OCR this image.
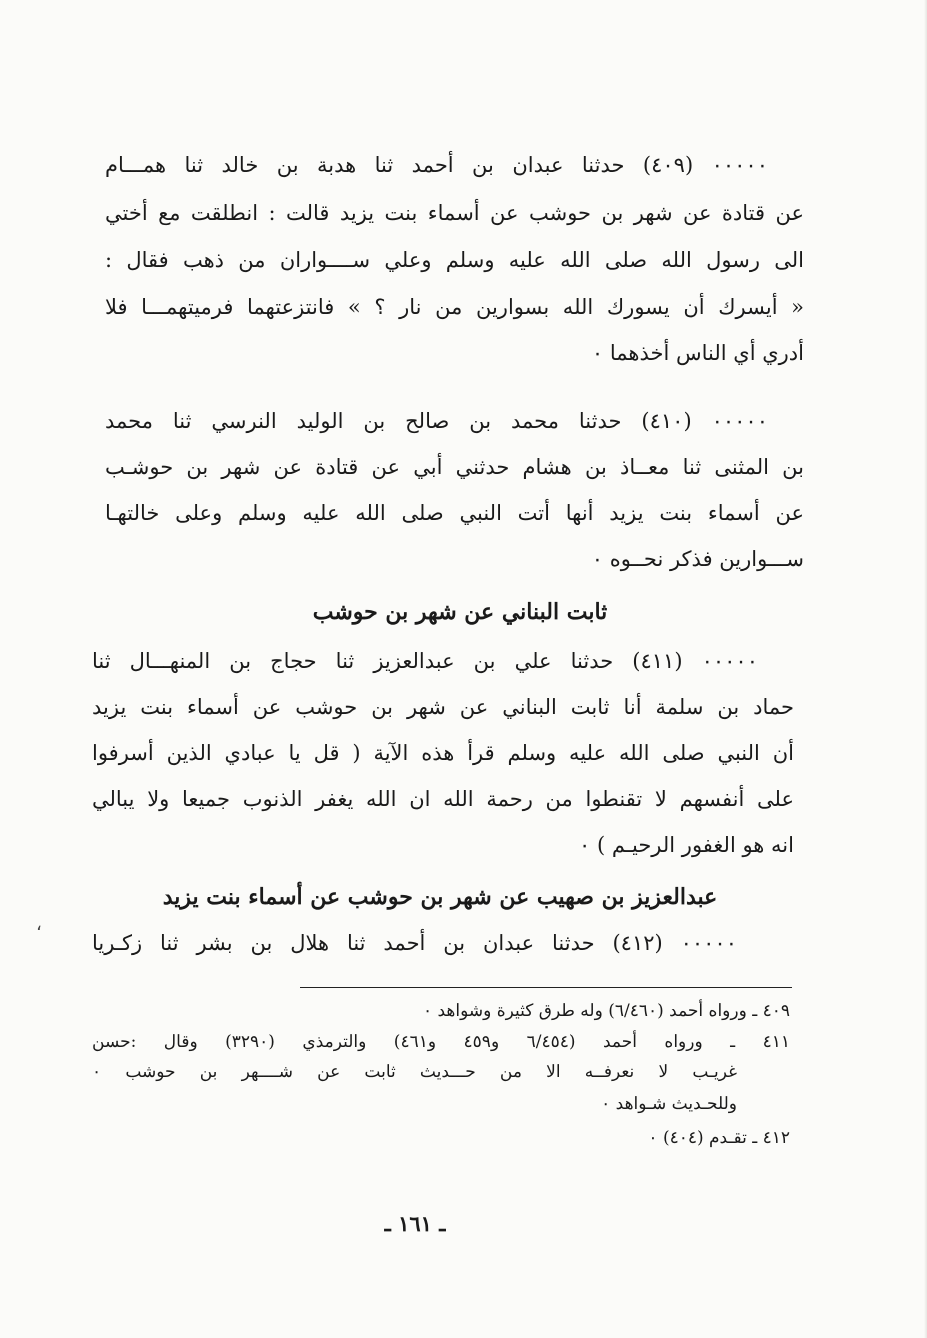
٠٠٠٠٠ (٤٠٩) حدثنا عبدان بن أحمد ثنا هدبة بن خالد ثنا همـــام
عن قتادة عن شهر بن حوشب عن أسماء بنت يزيد قالت : انطلقت مع أختي
الى رسول الله صلى الله عليه وسلم وعلي ســــواران من ذهب فقال :
« أيسرك أن يسورك الله بسوارين من نار ؟ » فانتزعتهما فرميتهمـــا فلا
أدري أي الناس أخذهما ٠
٠٠٠٠٠ (٤١٠) حدثنا محمد بن صالح بن الوليد النرسي ثنا محمد
بن المثنى ثنا معــاذ بن هشام حدثني أبي عن قتادة عن شهر بن حوشـب
عن أسماء بنت يزيد أنها أتت النبي صلى الله عليه وسلم وعلى خالتهـا
ســـوارين فذكر نحــوه ٠
ثابت البناني عن شهر بن حوشب
٠٠٠٠٠ (٤١١) حدثنا علي بن عبدالعزيز ثنا حجاج بن المنهـــال ثنا
حماد بن سلمة أنا ثابت البناني عن شهر بن حوشب عن أسماء بنت يزيد
أن النبي صلى الله عليه وسلم قرأ هذه الآية ( قل يا عبادي الذين أسرفوا
على أنفسهم لا تقنطوا من رحمة الله ان الله يغفر الذنوب جميعا ولا يبالي
انه هو الغفور الرحيـم ) ٠
عبدالعزيز بن صهيب عن شهر بن حوشب عن أسماء بنت يزيد
،
٠٠٠٠٠ (٤١٢) حدثنا عبدان بن أحمد ثنا هلال بن بشر ثنا زكـريا
٤٠٩ ـ ورواه أحمد (٦/٤٦٠) وله طرق كثيرة وشواهد ٠
٤١١ ـ ورواه أحمد (٦/٤٥٤ و٤٥٩ و٤٦١) والترمذي (٣٢٩٠) وقال :حسن
غريـب لا نعرفــه الا من حـــديث ثابت عن شــــهر بن حوشب ٠
وللحـديث شـواهد ٠
٤١٢ ـ تقـدم (٤٠٤) ٠
ـ ١٦١ ـ
